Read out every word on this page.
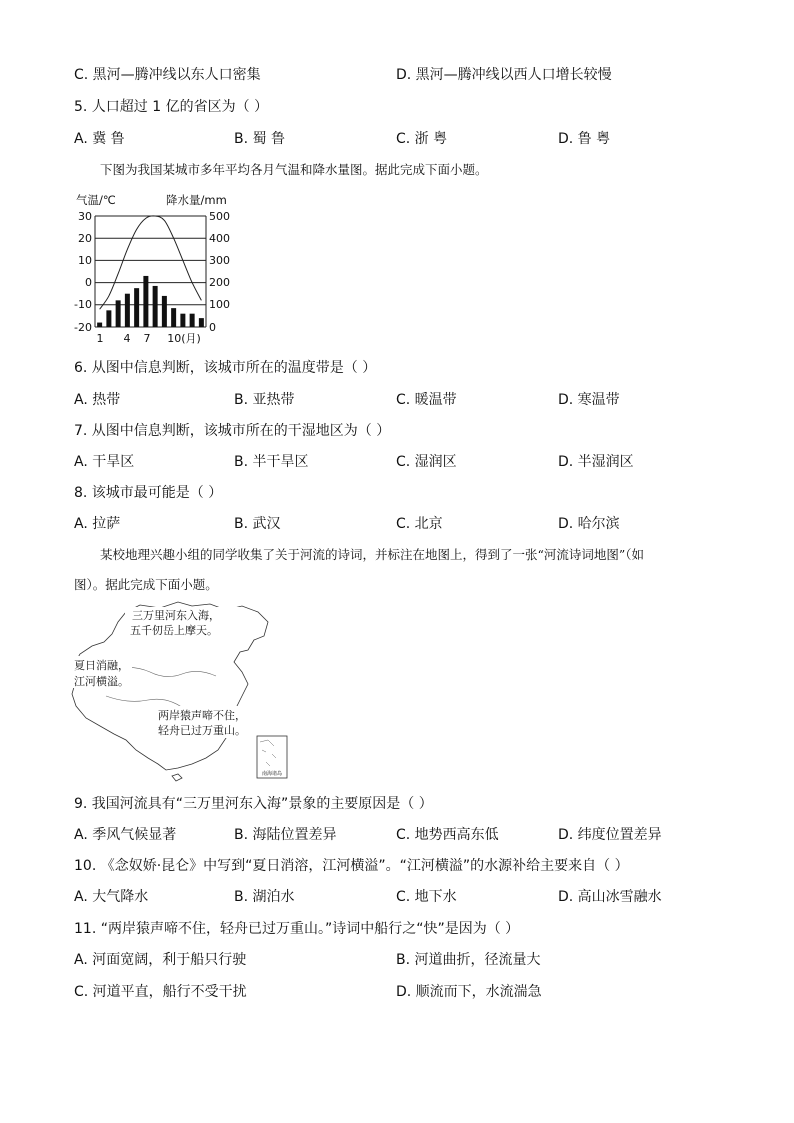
C. 黑河—腾冲线以东人口密集	D. 黑河—腾冲线以西人口增长较慢
5. 人口超过 1 亿的省区为（ ）
A. 冀 鲁	B. 蜀 鲁	C. 浙 粤	D. 鲁 粤
下图为我国某城市多年平均各月气温和降水量图。据此完成下面小题。
气温/℃	降水量/mm
30
20
10
0
-10
-20
500
400
300
200
100
0
1 4 7 10(月)
6. 从图中信息判断，该城市所在的温度带是（ ）
A. 热带	B. 亚热带	C. 暖温带	D. 寒温带
7. 从图中信息判断，该城市所在的干湿地区为（ ）
A. 干旱区	B. 半干旱区	C. 湿润区	D. 半湿润区
8. 该城市最可能是（ ）
A. 拉萨	B. 武汉	C. 北京	D. 哈尔滨
某校地理兴趣小组的同学收集了关于河流的诗词，并标注在地图上，得到了一张“河流诗词地图”（如
图）。据此完成下面小题。
三万里河东入海，
五千仞岳上摩天。
夏日消融，
江河横溢。
两岸猿声啼不住，
轻舟已过万重山。
南海诸岛
9. 我国河流具有“三万里河东入海”景象的主要原因是（ ）
A. 季风气候显著	B. 海陆位置差异	C. 地势西高东低	D. 纬度位置差异
10. 《念奴娇·昆仑》中写到“夏日消溶，江河横溢”。“江河横溢”的水源补给主要来自（ ）
A. 大气降水	B. 湖泊水	C. 地下水	D. 高山冰雪融水
11. “两岸猿声啼不住，轻舟已过万重山。”诗词中船行之“快”是因为（ ）
A. 河面宽阔，利于船只行驶	B. 河道曲折，径流量大
C. 河道平直，船行不受干扰	D. 顺流而下，水流湍急
